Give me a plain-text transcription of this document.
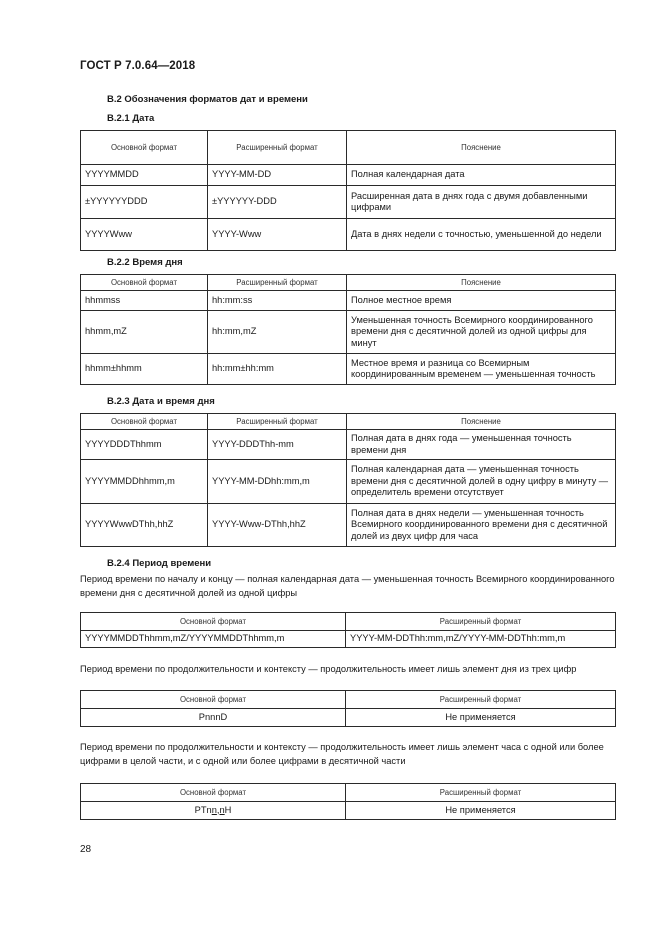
ГОСТ Р 7.0.64—2018
В.2 Обозначения форматов дат и времени
В.2.1 Дата
Основной формат	Расширенный формат	Пояснение
YYYYMMDD	YYYY-MM-DD	Полная календарная дата
±YYYYYYDDD	±YYYYYY-DDD	Расширенная дата в днях года с двумя добавленными цифрами
YYYYWww	YYYY-Www	Дата в днях недели с точностью, уменьшенной до недели
В.2.2 Время дня
Основной формат	Расширенный формат	Пояснение
hhmmss	hh:mm:ss	Полное местное время
hhmm,mZ	hh:mm,mZ	Уменьшенная точность Всемирного координированного времени дня с десятичной долей из одной цифры для минут
hhmm±hhmm	hh:mm±hh:mm	Местное время и разница со Всемирным координированным временем — уменьшенная точность
В.2.3 Дата и время дня
Основной формат	Расширенный формат	Пояснение
YYYYDDDThhmm	YYYY-DDDThh-mm	Полная дата в днях года — уменьшенная точность времени дня
YYYYMMDDhhmm,m	YYYY-MM-DDhh:mm,m	Полная календарная дата — уменьшенная точность времени дня с десятичной долей в одну цифру в минуту — определитель времени отсутствует
YYYYWwwDThh,hhZ	YYYY-Www-DThh,hhZ	Полная дата в днях недели — уменьшенная точность Всемирного координированного времени дня с десятичной долей из двух цифр для часа
В.2.4 Период времени
Период времени по началу и концу — полная календарная дата — уменьшенная точность Всемирного координированного времени дня с десятичной долей из одной цифры
Основной формат	Расширенный формат
YYYYMMDDThhmm,mZ/YYYYMMDDThhmm,m	YYYY-MM-DDThh:mm,mZ/YYYY-MM-DDThh:mm,m
Период времени по продолжительности и контексту — продолжительность имеет лишь элемент дня из трех цифр
Основной формат	Расширенный формат
PnnnD	Не применяется
Период времени по продолжительности и контексту — продолжительность имеет лишь элемент часа с одной или более цифрами в целой части, и с одной или более цифрами в десятичной части
Основной формат	Расширенный формат
PTnn,nH	Не применяется
28
